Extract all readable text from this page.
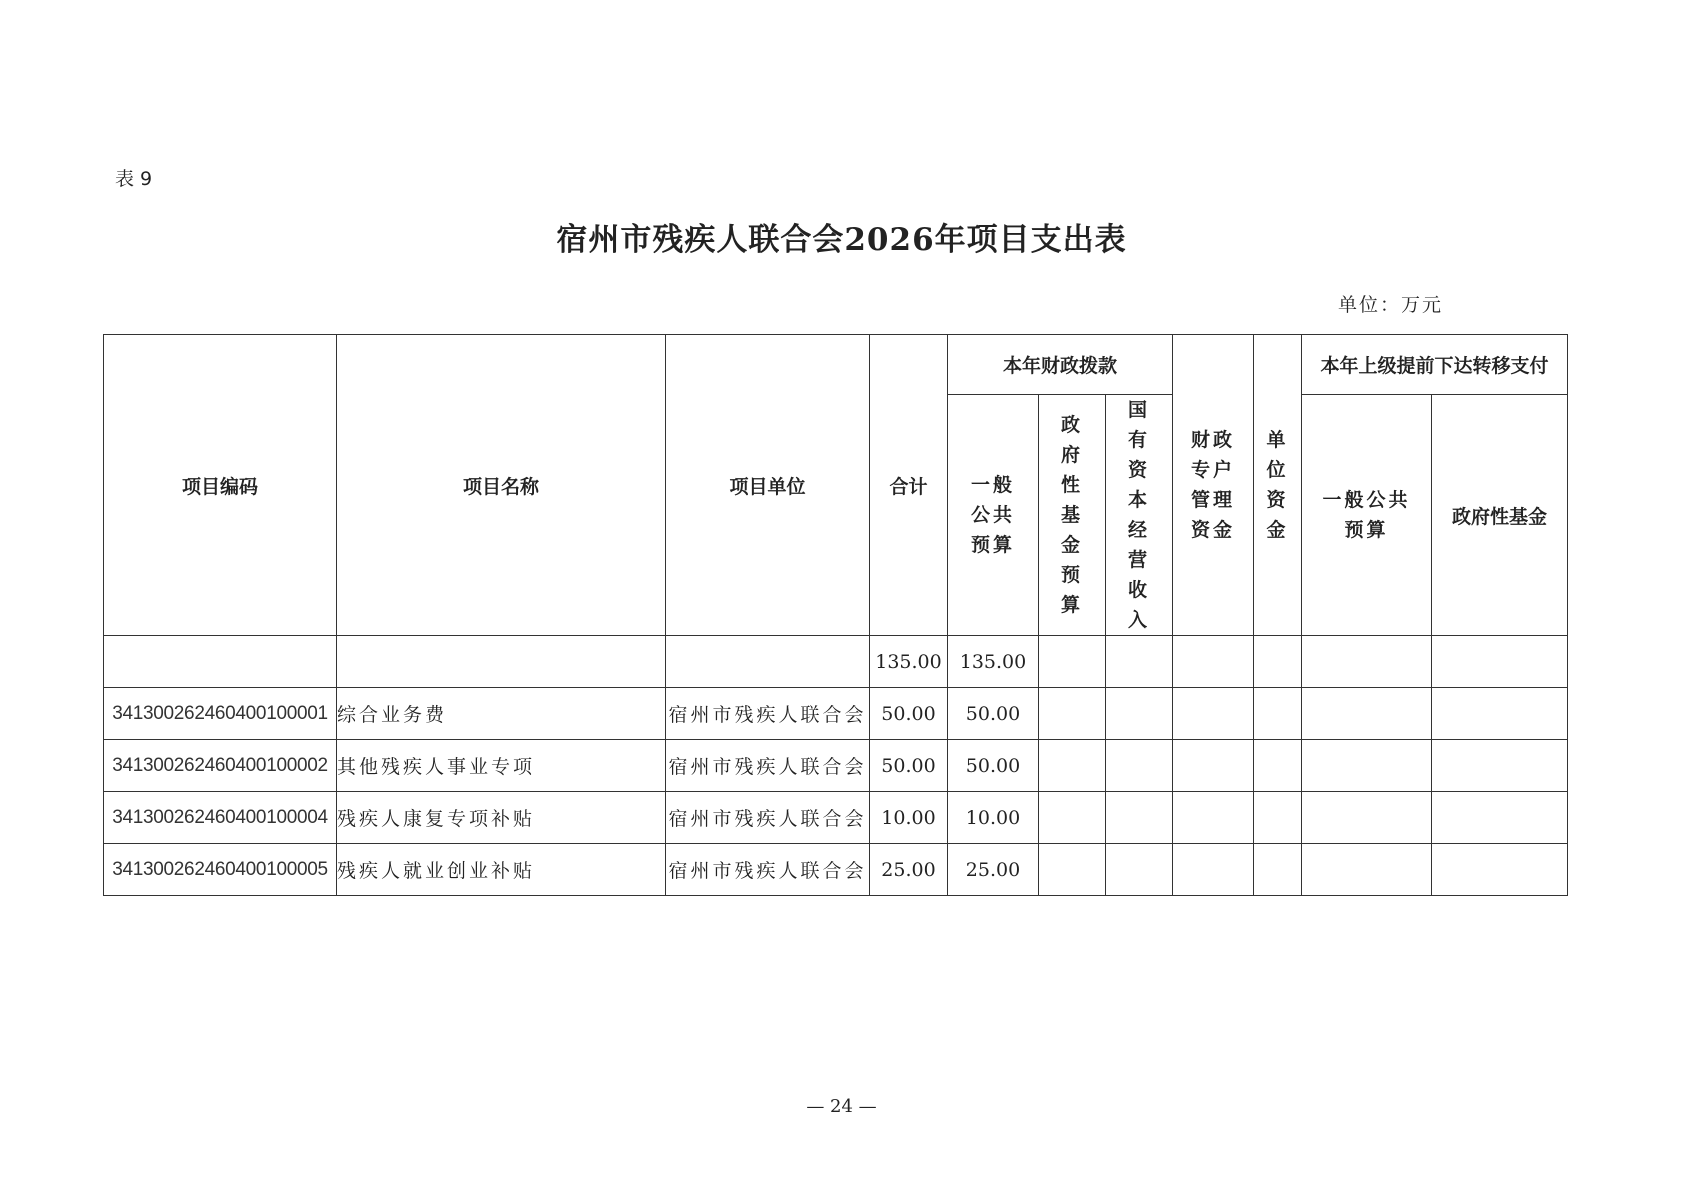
表 9
宿州市残疾人联合会2026年项目支出表
单位：万元
项目编码	项目名称	项目单位	合计	本年财政拨款			财政专户管理资金	单位资金	本年上级提前下达转移支付	
				一般公共预算	政府性基金预算	国有资本经营收入			一般公共预算	政府性基金
			135.00	135.00						
341300262460400100001	综合业务费	宿州市残疾人联合会	50.00	50.00						
341300262460400100002	其他残疾人事业专项	宿州市残疾人联合会	50.00	50.00						
341300262460400100004	残疾人康复专项补贴	宿州市残疾人联合会	10.00	10.00						
341300262460400100005	残疾人就业创业补贴	宿州市残疾人联合会	25.00	25.00						
— 24 —
